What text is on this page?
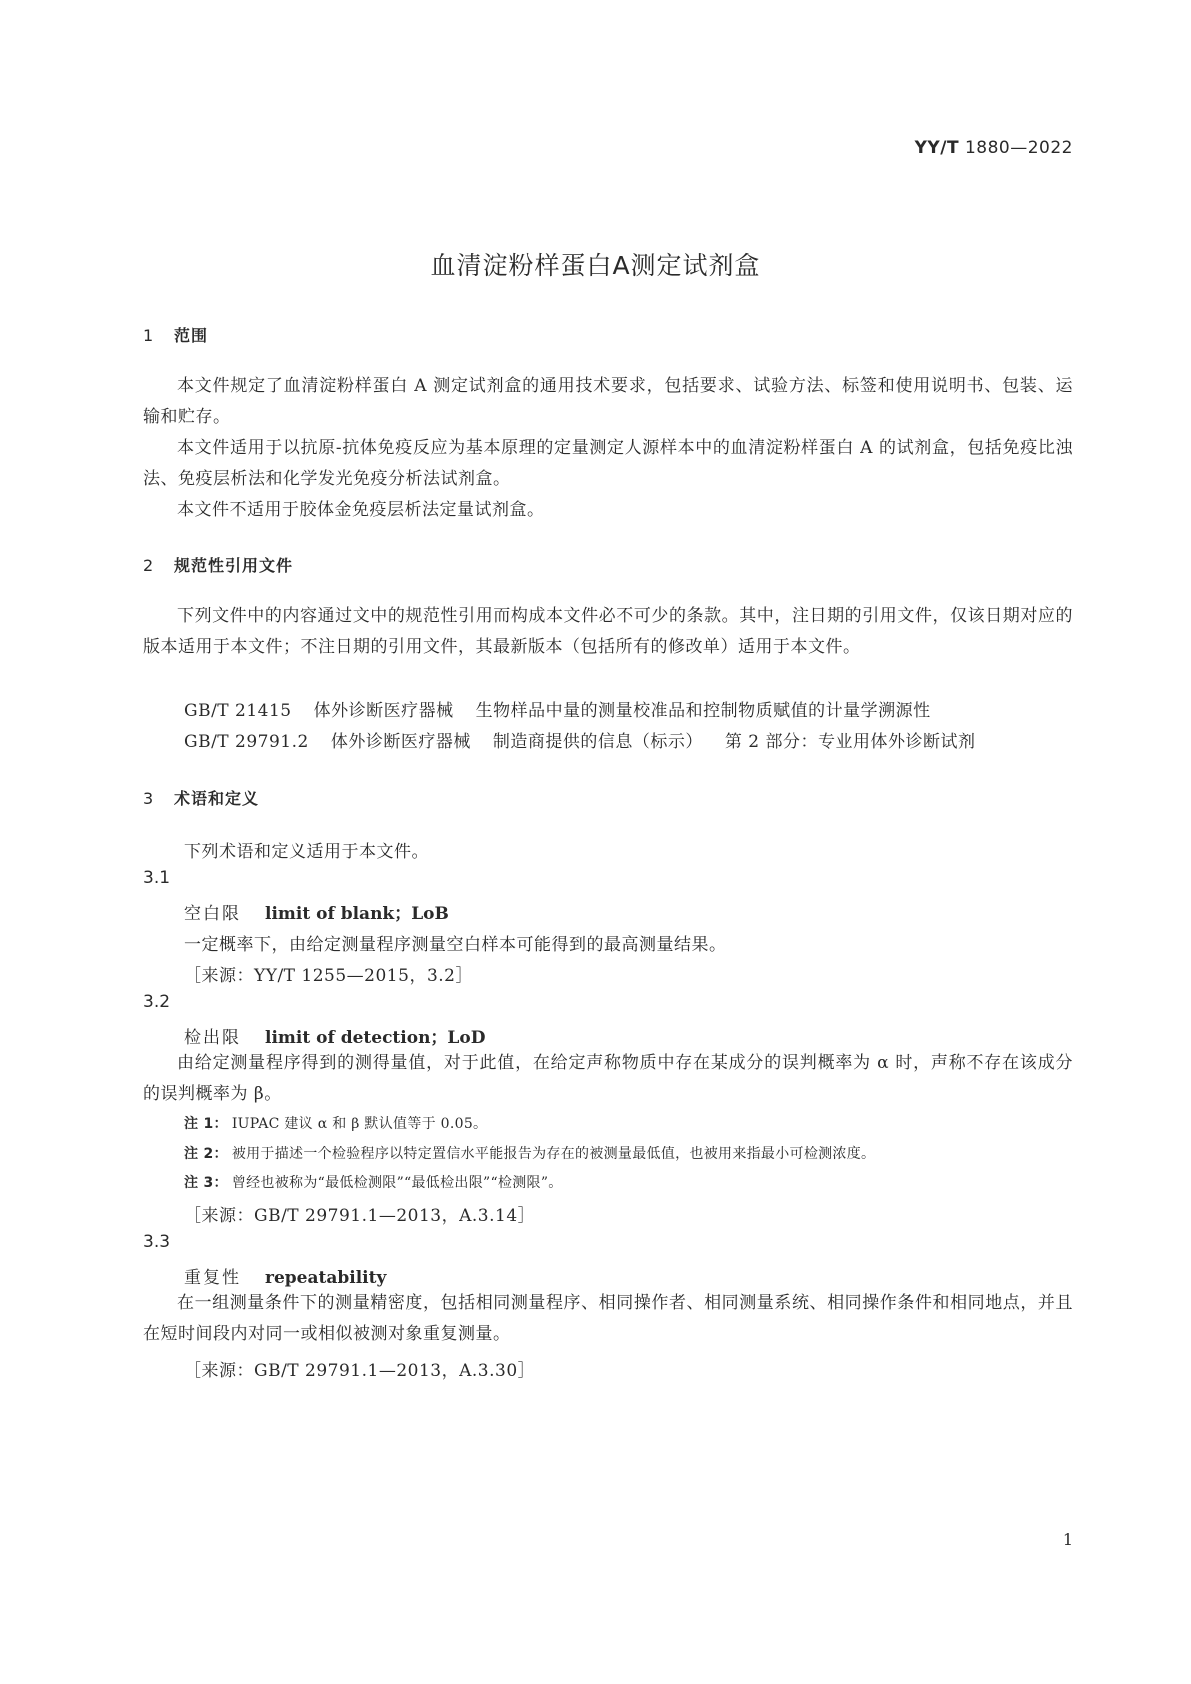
YY/T 1880—2022
血清淀粉样蛋白A测定试剂盒
1 范围
本文件规定了血清淀粉样蛋白 A 测定试剂盒的通用技术要求，包括要求、试验方法、标签和使用说明书、包装、运输和贮存。
本文件适用于以抗原-抗体免疫反应为基本原理的定量测定人源样本中的血清淀粉样蛋白 A 的试剂盒，包括免疫比浊法、免疫层析法和化学发光免疫分析法试剂盒。
本文件不适用于胶体金免疫层析法定量试剂盒。
2 规范性引用文件
下列文件中的内容通过文中的规范性引用而构成本文件必不可少的条款。其中，注日期的引用文件，仅该日期对应的版本适用于本文件；不注日期的引用文件，其最新版本（包括所有的修改单）适用于本文件。
GB/T 21415 体外诊断医疗器械 生物样品中量的测量校准品和控制物质赋值的计量学溯源性
GB/T 29791.2 体外诊断医疗器械 制造商提供的信息（标示） 第 2 部分：专业用体外诊断试剂
3 术语和定义
下列术语和定义适用于本文件。
3.1
空白限 limit of blank；LoB
一定概率下，由给定测量程序测量空白样本可能得到的最高测量结果。
［来源：YY/T 1255—2015，3.2］
3.2
检出限 limit of detection；LoD
由给定测量程序得到的测得量值，对于此值，在给定声称物质中存在某成分的误判概率为 α 时，声称不存在该成分的误判概率为 β。
注 1： IUPAC 建议 α 和 β 默认值等于 0.05。
注 2： 被用于描述一个检验程序以特定置信水平能报告为存在的被测量最低值，也被用来指最小可检测浓度。
注 3： 曾经也被称为“最低检测限”“最低检出限”“检测限”。
［来源：GB/T 29791.1—2013，A.3.14］
3.3
重复性 repeatability
在一组测量条件下的测量精密度，包括相同测量程序、相同操作者、相同测量系统、相同操作条件和相同地点，并且在短时间段内对同一或相似被测对象重复测量。
［来源：GB/T 29791.1—2013，A.3.30］
1
